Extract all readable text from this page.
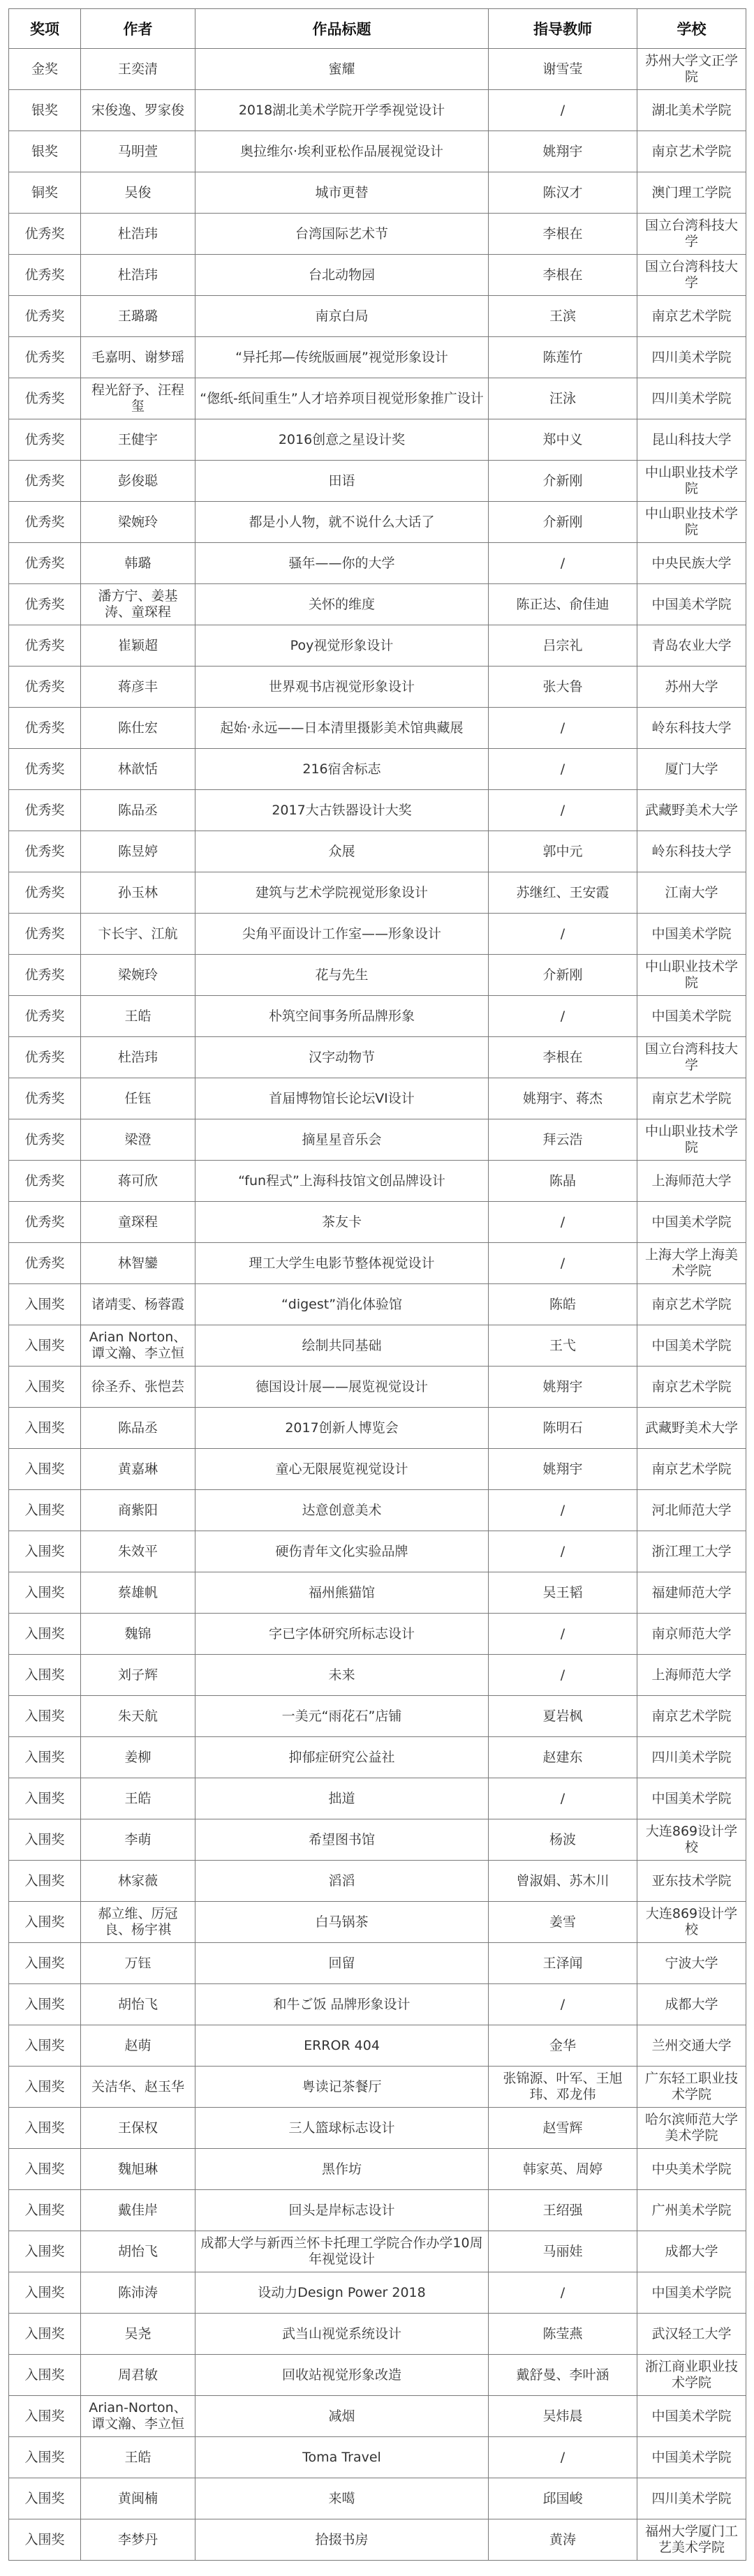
奖项	作者	作品标题	指导教师	学校
金奖	王奕清	蜜耀	谢雪莹	苏州大学文正学院
银奖	宋俊逸、罗家俊	2018湖北美术学院开学季视觉设计	/	湖北美术学院
银奖	马明萱	奥拉维尔·埃利亚松作品展视觉设计	姚翔宇	南京艺术学院
铜奖	吴俊	城市更替	陈汉才	澳门理工学院
优秀奖	杜浩玮	台湾国际艺术节	李根在	国立台湾科技大学
优秀奖	杜浩玮	台北动物园	李根在	国立台湾科技大学
优秀奖	王璐璐	南京白局	王滨	南京艺术学院
优秀奖	毛嘉明、谢梦瑶	“异托邦—传统版画展”视觉形象设计	陈莲竹	四川美术学院
优秀奖	程光舒予、汪程玺	“偬纸-纸间重生”人才培养项目视觉形象推广设计	汪泳	四川美术学院
优秀奖	王健宇	2016创意之星设计奖	郑中义	昆山科技大学
优秀奖	彭俊聪	田语	介新刚	中山职业技术学院
优秀奖	梁婉玲	都是小人物，就不说什么大话了	介新刚	中山职业技术学院
优秀奖	韩璐	骚年——你的大学	/	中央民族大学
优秀奖	潘方宁、姜基涛、童琛程	关怀的维度	陈正达、俞佳迪	中国美术学院
优秀奖	崔颖超	Poy视觉形象设计	吕宗礼	青岛农业大学
优秀奖	蒋彦丰	世界观书店视觉形象设计	张大鲁	苏州大学
优秀奖	陈仕宏	起始·永远——日本清里摄影美术馆典藏展	/	岭东科技大学
优秀奖	林歆恬	216宿舍标志	/	厦门大学
优秀奖	陈品丞	2017大古铁器设计大奖	/	武藏野美术大学
优秀奖	陈昱婷	众展	郭中元	岭东科技大学
优秀奖	孙玉林	建筑与艺术学院视觉形象设计	苏继红、王安霞	江南大学
优秀奖	卞长宇、江航	尖角平面设计工作室——形象设计	/	中国美术学院
优秀奖	梁婉玲	花与先生	介新刚	中山职业技术学院
优秀奖	王皓	朴筑空间事务所品牌形象	/	中国美术学院
优秀奖	杜浩玮	汉字动物节	李根在	国立台湾科技大学
优秀奖	任钰	首届博物馆长论坛VI设计	姚翔宇、蒋杰	南京艺术学院
优秀奖	梁澄	摘星星音乐会	拜云浩	中山职业技术学院
优秀奖	蒋可欣	“fun程式”上海科技馆文创品牌设计	陈晶	上海师范大学
优秀奖	童琛程	茶友卡	/	中国美术学院
优秀奖	林智鑾	理工大学生电影节整体视觉设计	/	上海大学上海美术学院
入围奖	诸靖雯、杨蓉霞	“digest”消化体验馆	陈皓	南京艺术学院
入围奖	Arian Norton、谭文瀚、李立恒	绘制共同基础	王弋	中国美术学院
入围奖	徐圣乔、张恺芸	德国设计展——展览视觉设计	姚翔宇	南京艺术学院
入围奖	陈品丞	2017创新人博览会	陈明石	武藏野美术大学
入围奖	黄嘉琳	童心无限展览视觉设计	姚翔宇	南京艺术学院
入围奖	商紫阳	达意创意美术	/	河北师范大学
入围奖	朱效平	硬伤青年文化实验品牌	/	浙江理工大学
入围奖	蔡雄帆	福州熊猫馆	吴王韬	福建师范大学
入围奖	魏锦	字已字体研究所标志设计	/	南京师范大学
入围奖	刘子辉	未来	/	上海师范大学
入围奖	朱天航	一美元“雨花石”店铺	夏岩枫	南京艺术学院
入围奖	姜柳	抑郁症研究公益社	赵建东	四川美术学院
入围奖	王皓	拙道	/	中国美术学院
入围奖	李萌	希望图书馆	杨波	大连869设计学校
入围奖	林家薇	滔滔	曾淑娟、苏木川	亚东技术学院
入围奖	郝立维、厉冠良、杨宇祺	白马锅茶	姜雪	大连869设计学校
入围奖	万钰	回留	王泽闻	宁波大学
入围奖	胡怡飞	和牛ご饭 品牌形象设计	/	成都大学
入围奖	赵萌	ERROR 404	金华	兰州交通大学
入围奖	关洁华、赵玉华	粤读记茶餐厅	张锦源、叶军、王旭玮、邓龙伟	广东轻工职业技术学院
入围奖	王保权	三人篮球标志设计	赵雪辉	哈尔滨师范大学美术学院
入围奖	魏旭琳	黑作坊	韩家英、周婷	中央美术学院
入围奖	戴佳岸	回头是岸标志设计	王绍强	广州美术学院
入围奖	胡怡飞	成都大学与新西兰怀卡托理工学院合作办学10周年视觉设计	马丽娃	成都大学
入围奖	陈沛涛	设动力Design Power 2018	/	中国美术学院
入围奖	吴尧	武当山视觉系统设计	陈莹燕	武汉轻工大学
入围奖	周君敏	回收站视觉形象改造	戴舒曼、李叶涵	浙江商业职业技术学院
入围奖	Arian-Norton、谭文瀚、李立恒	减烟	吴炜晨	中国美术学院
入围奖	王皓	Toma Travel	/	中国美术学院
入围奖	黄闽楠	来噶	邱国峻	四川美术学院
入围奖	李梦丹	拾掇书房	黄涛	福州大学厦门工艺美术学院
